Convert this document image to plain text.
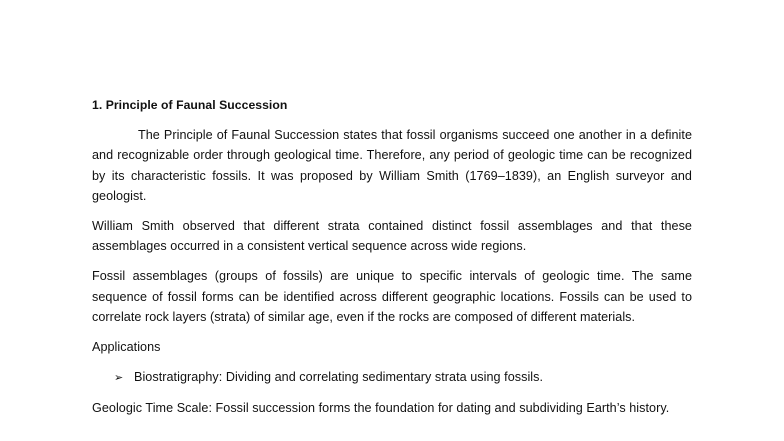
1. Principle of Faunal Succession
The Principle of Faunal Succession states that fossil organisms succeed one another in a definite and recognizable order through geological time. Therefore, any period of geologic time can be recognized by its characteristic fossils. It was proposed by William Smith (1769–1839), an English surveyor and geologist.
William Smith observed that different strata contained distinct fossil assemblages and that these assemblages occurred in a consistent vertical sequence across wide regions.
Fossil assemblages (groups of fossils) are unique to specific intervals of geologic time. The same sequence of fossil forms can be identified across different geographic locations. Fossils can be used to correlate rock layers (strata) of similar age, even if the rocks are composed of different materials.
Applications
➢ Biostratigraphy: Dividing and correlating sedimentary strata using fossils.
Geologic Time Scale: Fossil succession forms the foundation for dating and subdividing Earth’s history.
